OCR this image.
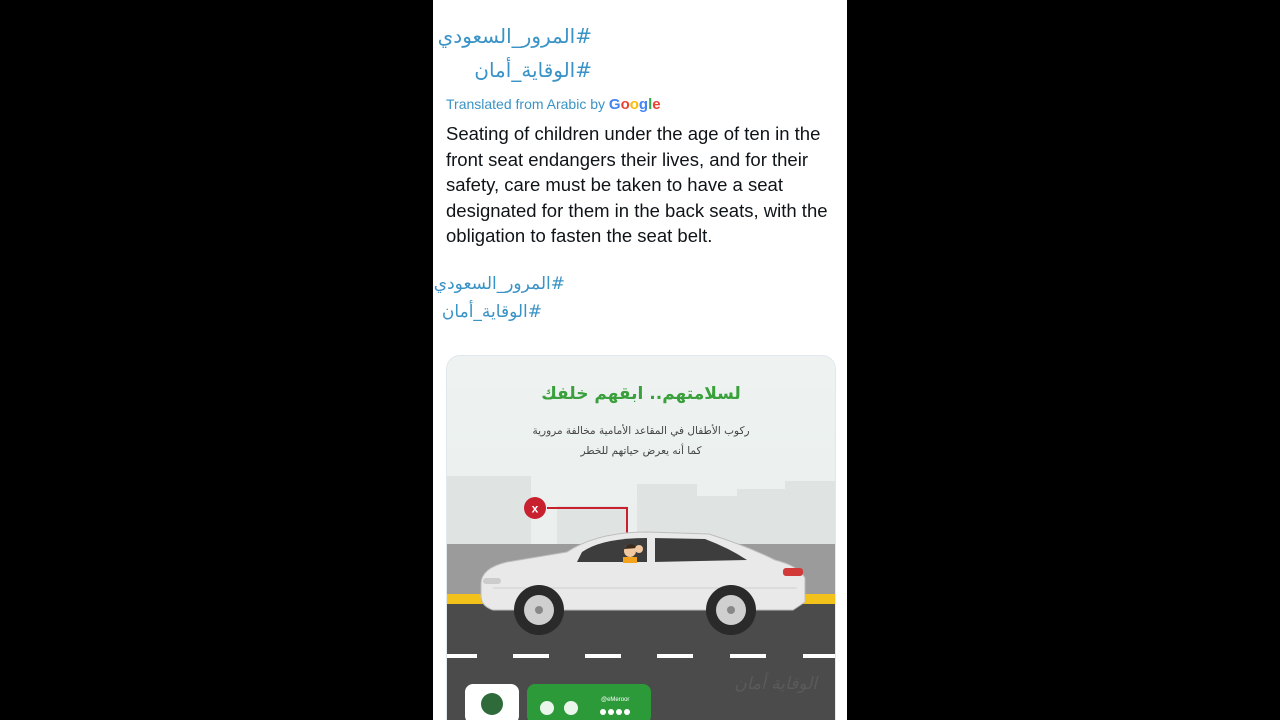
#المرور_السعودي
#الوقاية_أمان
Translated from Arabic by Google
Seating of children under the age of ten in the front seat endangers their lives, and for their safety, care must be taken to have a seat designated for them in the back seats, with the obligation to fasten the seat belt.
#المرور_السعودي
#الوقاية_أمان
x
لسلامتهم.. ابقهم خلفك
ركوب الأطفال في المقاعد الأمامية مخالفة مرورية
كما أنه يعرض حياتهم للخطر
@eMeroor
الوقاية أمان
